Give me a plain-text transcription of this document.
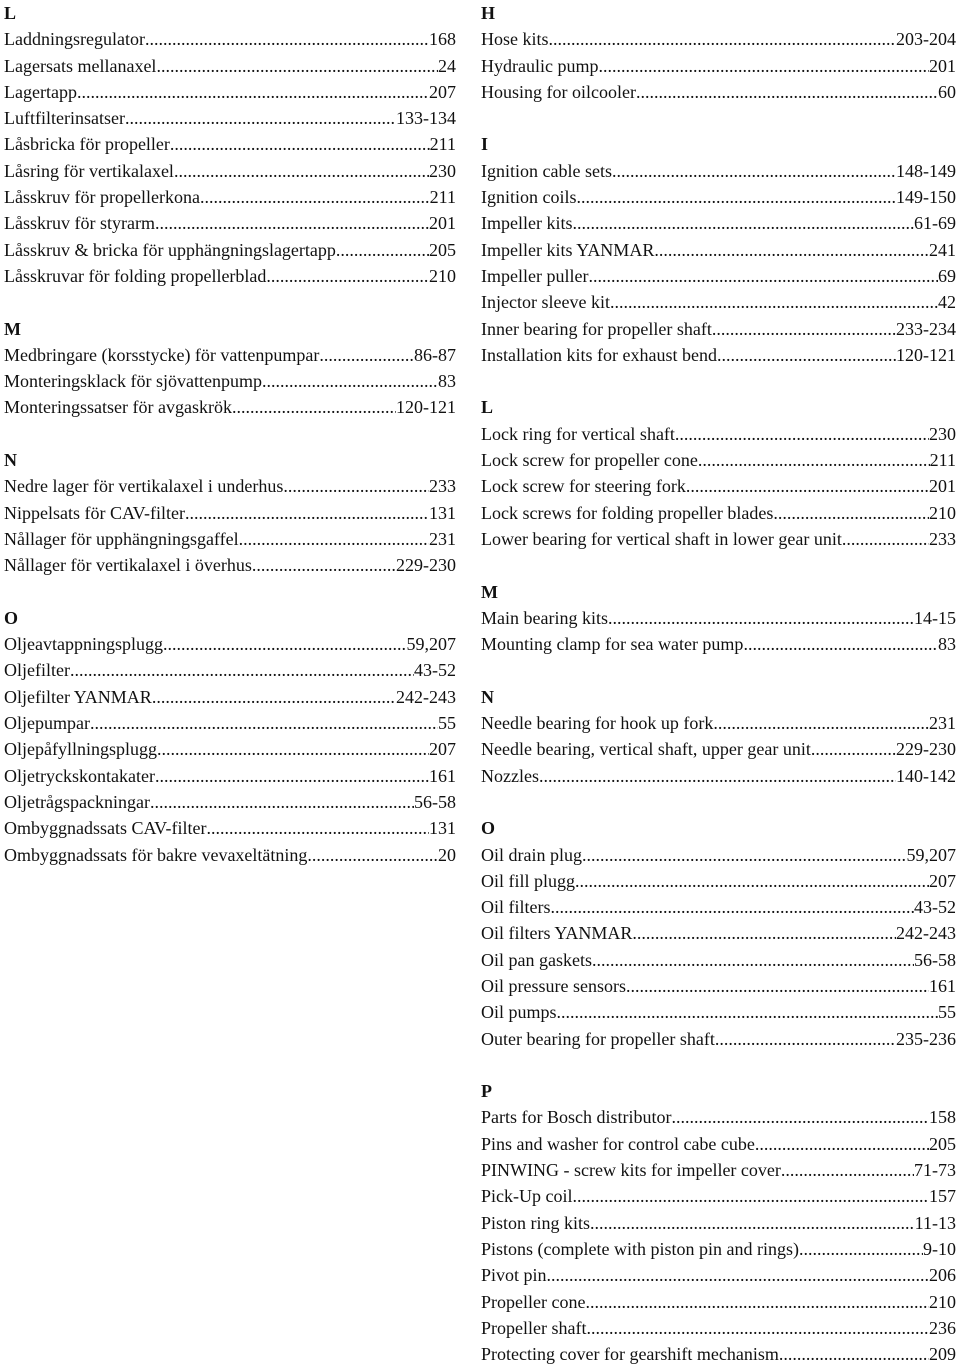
L
Laddningsregulator .....	168
Lagersats mellanaxel .....	24
Lagertapp .....	207
Luftfilterinsatser .....	133-134
Låsbricka för propeller .....	211
Låsring för vertikalaxel .....	230
Låsskruv för propellerkona .....	211
Låsskruv för styrarm .....	201
Låsskruv & bricka för upphängningslagertapp .....	205
Låsskruvar för folding propellerblad .....	210
M
Medbringare (korsstycke) för vattenpumpar .....	86-87
Monteringsklack för sjövattenpump .....	83
Monteringssatser för avgaskrök .....	120-121
N
Nedre lager för vertikalaxel i underhus .....	233
Nippelsats för CAV-filter .....	131
Nållager för upphängningsgaffel .....	231
Nållager för vertikalaxel i överhus .....	229-230
O
Oljeavtappningsplugg .....	59,207
Oljefilter .....	43-52
Oljefilter YANMAR .....	242-243
Oljepumpar .....	55
Oljepåfyllningsplugg .....	207
Oljetryckskontakater .....	161
Oljetrågspackningar .....	56-58
Ombyggnadssats CAV-filter .....	131
Ombyggnadssats för bakre vevaxeltätning .....	20
H
Hose kits .....	203-204
Hydraulic pump .....	201
Housing for oilcooler .....	60
I
Ignition cable sets .....	148-149
Ignition coils .....	149-150
Impeller kits .....	61-69
Impeller kits YANMAR .....	241
Impeller puller .....	69
Injector sleeve kit .....	42
Inner bearing for propeller shaft .....	233-234
Installation kits for exhaust bend .....	120-121
L
Lock ring for vertical shaft .....	230
Lock screw for propeller cone .....	211
Lock screw for steering fork .....	201
Lock screws for folding propeller blades .....	210
Lower bearing for vertical shaft in lower gear unit .....	233
M
Main bearing kits .....	14-15
Mounting clamp for sea water pump .....	83
N
Needle bearing for hook up fork .....	231
Needle bearing, vertical shaft, upper gear unit .....	229-230
Nozzles .....	140-142
O
Oil drain plug .....	59,207
Oil fill plugg .....	207
Oil filters .....	43-52
Oil filters YANMAR .....	242-243
Oil pan gaskets .....	56-58
Oil pressure sensors .....	161
Oil pumps .....	55
Outer bearing for propeller shaft .....	235-236
P
Parts for Bosch distributor .....	158
Pins and washer for control cabe cube .....	205
PINWING - screw kits for impeller cover .....	71-73
Pick-Up coil .....	157
Piston ring kits .....	11-13
Pistons (complete with piston pin and rings) .....	9-10
Pivot pin .....	206
Propeller cone .....	210
Propeller shaft .....	236
Protecting cover for gearshift mechanism .....	209
